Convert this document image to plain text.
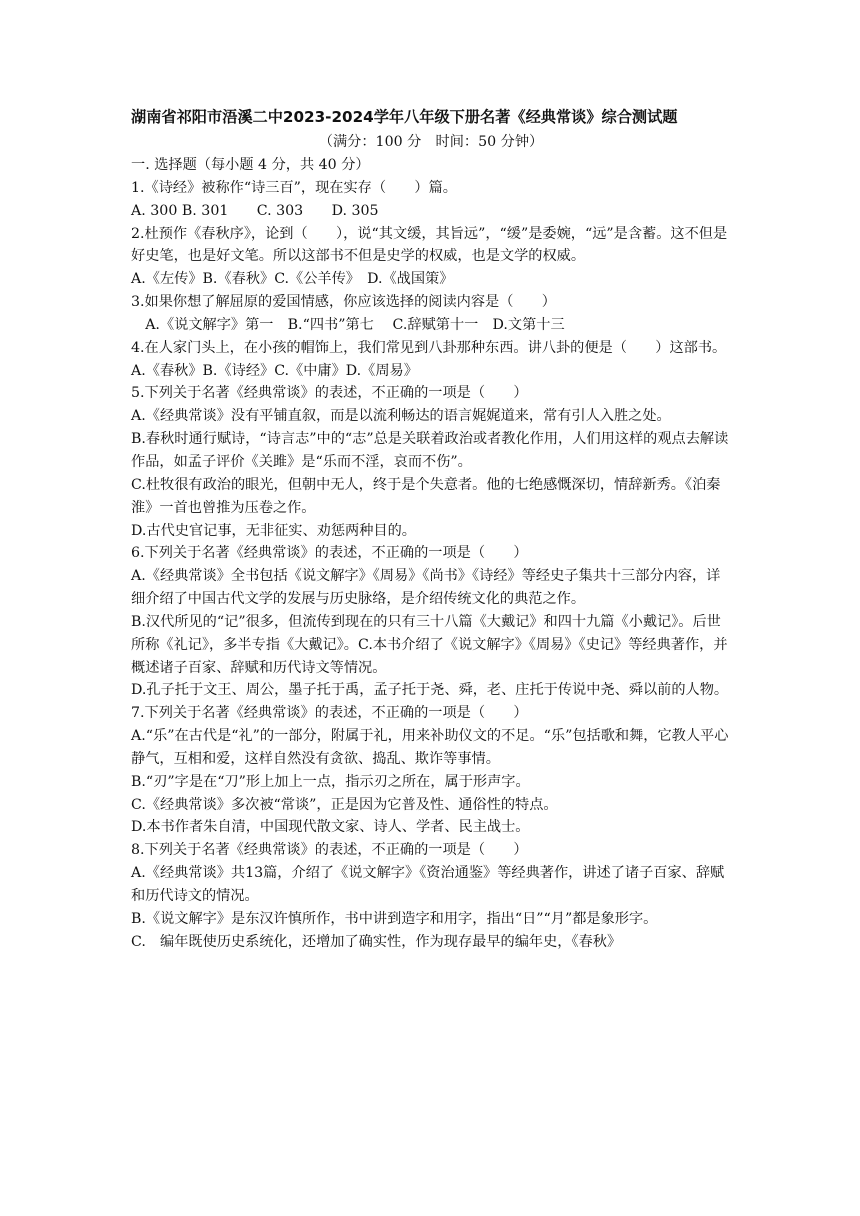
湖南省祁阳市浯溪二中2023-2024学年八年级下册名著《经典常谈》综合测试题

（满分：100 分　时间：50 分钟）

一. 选择题（每小题 4 分，共 40 分）

1.《诗经》被称作“诗三百”，现在实存（　　）篇。

A. 300 B. 301　　C. 303　　D. 305

2.杜预作《春秋序》，论到（　　），说“其文缓，其旨远”，“缓”是委婉，“远”是含蓄。这不但是好史笔，也是好文笔。所以这部书不但是史学的权威，也是文学的权威。

A.《左传》B.《春秋》C.《公羊传》　D.《战国策》

3.如果你想了解屈原的爱国情感，你应该选择的阅读内容是（　　）

　A.《说文解字》第一　B.“四书”第七　 C.辞赋第十一　D.文第十三

4.在人家门头上，在小孩的帽饰上，我们常见到八卦那种东西。讲八卦的便是（　　）这部书。

A.《春秋》B.《诗经》C.《中庸》D.《周易》

5.下列关于名著《经典常谈》的表述，不正确的一项是（　　）

A.《经典常谈》没有平铺直叙，而是以流利畅达的语言娓娓道来，常有引人入胜之处。

B.春秋时通行赋诗，“诗言志”中的“志”总是关联着政治或者教化作用，人们用这样的观点去解读作品，如孟子评价《关雎》是“乐而不淫，哀而不伤”。

C.杜牧很有政治的眼光，但朝中无人，终于是个失意者。他的七绝感慨深切，情辞新秀。《泊秦淮》一首也曾推为压卷之作。

D.古代史官记事，无非征实、劝惩两种目的。

6.下列关于名著《经典常谈》的表述，不正确的一项是（　　）

A.《经典常谈》全书包括《说文解字》《周易》《尚书》《诗经》等经史子集共十三部分内容，详细介绍了中国古代文学的发展与历史脉络，是介绍传统文化的典范之作。

B.汉代所见的“记”很多，但流传到现在的只有三十八篇《大戴记》和四十九篇《小戴记》。后世所称《礼记》，多半专指《大戴记》。C.本书介绍了《说文解字》《周易》《史记》等经典著作，并概述诸子百家、辞赋和历代诗文等情况。

D.孔子托于文王、周公，墨子托于禹，孟子托于尧、舜，老、庄托于传说中尧、舜以前的人物。

7.下列关于名著《经典常谈》的表述，不正确的一项是（　　）

A.“乐”在古代是“礼”的一部分，附属于礼，用来补助仪文的不足。“乐”包括歌和舞，它教人平心静气，互相和爱，这样自然没有贪欲、捣乱、欺诈等事情。

B.“刃”字是在“刀”形上加上一点，指示刃之所在，属于形声字。

C.《经典常谈》多次被“常谈”，正是因为它普及性、通俗性的特点。

D.本书作者朱自清，中国现代散文家、诗人、学者、民主战士。

8.下列关于名著《经典常谈》的表述，不正确的一项是（　　）

A.《经典常谈》共13篇，介绍了《说文解字》《资治通鉴》等经典著作，讲述了诸子百家、辞赋和历代诗文的情况。

B.《说文解字》是东汉许慎所作，书中讲到造字和用字，指出“日”“月”都是象形字。

C.　编年既使历史系统化，还增加了确实性，作为现存最早的编年史，《春秋》
